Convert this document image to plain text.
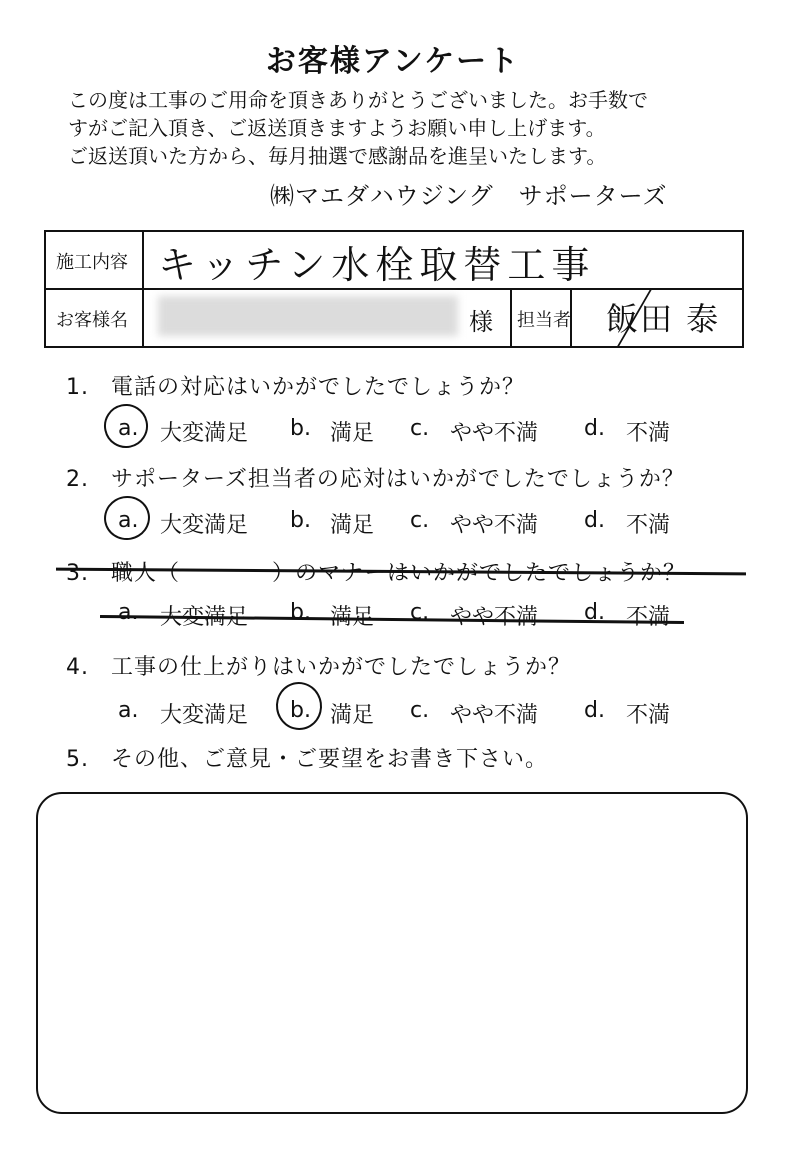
お客様アンケート
この度は工事のご用命を頂きありがとうございました。お手数で
すがご記入頂き、ご返送頂きますようお願い申し上げます。
ご返送頂いた方から、毎月抽選で感謝品を進呈いたします。
㈱マエダハウジング　サポーターズ
施工内容 キッチン水栓取替工事
お客様名	様 担当者 飯田 泰
1. 電話の対応はいかがでしたでしょうか？
a. 大変満足 b. 満足 c. やや不満 d. 不満
2. サポーターズ担当者の応対はいかがでしたでしょうか？
a. 大変満足 b. 満足 c. やや不満 d. 不満
3. 職人（　　　　）のマナーはいかがでしたでしょうか？
a. 大変満足 b. 満足 c. やや不満 d. 不満
4. 工事の仕上がりはいかがでしたでしょうか？
a. 大変満足 b. 満足 c. やや不満 d. 不満
5. その他、ご意見・ご要望をお書き下さい。
